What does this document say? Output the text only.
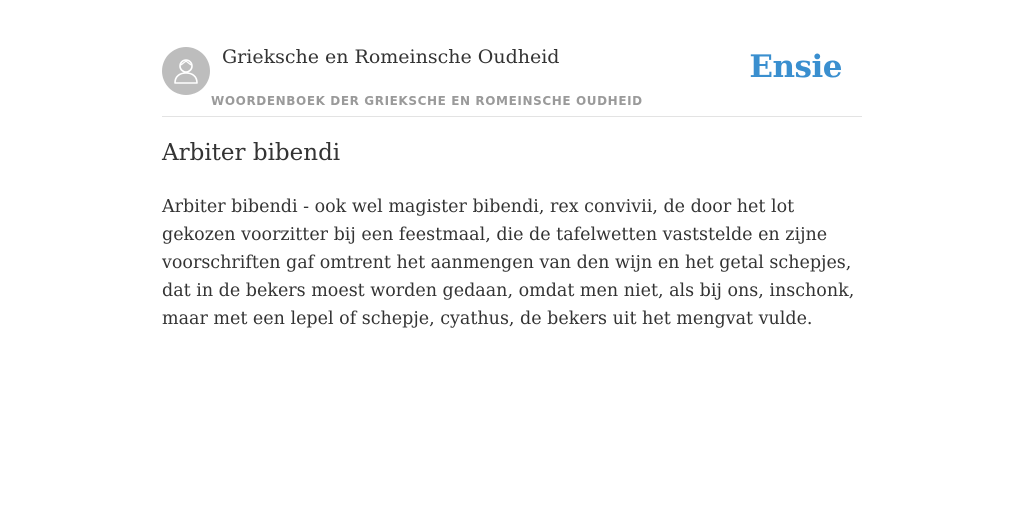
Grieksche en Romeinsche Oudheid
WOORDENBOEK DER GRIEKSCHE EN ROMEINSCHE OUDHEID
Ensie
Arbiter bibendi

Arbiter bibendi - ook wel magister bibendi, rex convivii, de door het lot gekozen voorzitter bij een feestmaal, die de tafelwetten vaststelde en zijne voorschriften gaf omtrent het aanmengen van den wijn en het getal schepjes, dat in de bekers moest worden gedaan, omdat men niet, als bij ons, inschonk, maar met een lepel of schepje, cyathus, de bekers uit het mengvat vulde.
